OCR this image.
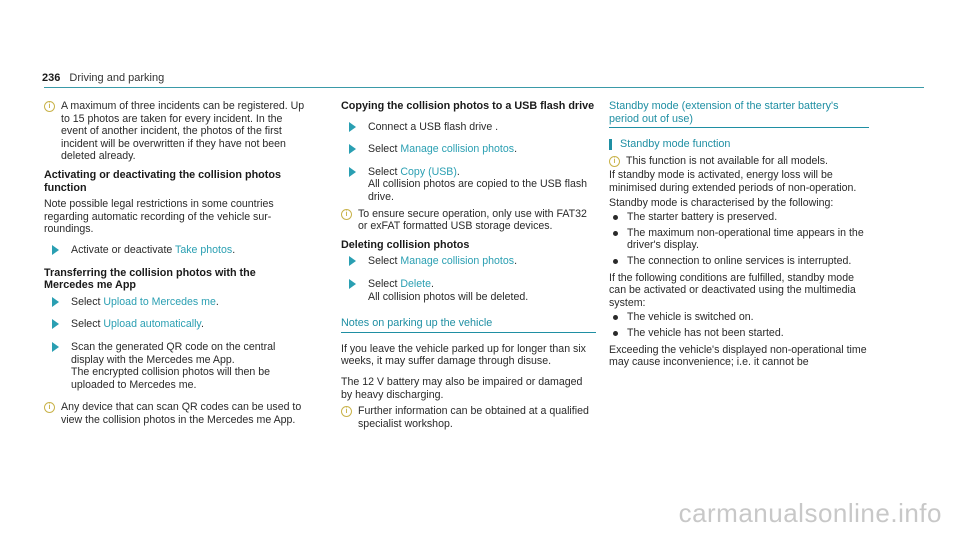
236 Driving and parking
i A maximum of three incidents can be registered. Up to 15 photos are taken for every incident. In the event of another incident, the photos of the first incident will be overwritten if they have not been deleted already.
Activating or deactivating the collision photos function
Note possible legal restrictions in some countries regarding automatic recording of the vehicle surroundings.
Activate or deactivate Take photos.
Transferring the collision photos with the Mercedes me App
Select Upload to Mercedes me.
Select Upload automatically.
Scan the generated QR code on the central display with the Mercedes me App.
The encrypted collision photos will then be uploaded to Mercedes me.
i Any device that can scan QR codes can be used to view the collision photos in the Mercedes me App.
Copying the collision photos to a USB flash drive
Connect a USB flash drive .
Select Manage collision photos.
Select Copy (USB).
All collision photos are copied to the USB flash drive.
i To ensure secure operation, only use with FAT32 or exFAT formatted USB storage devices.
Deleting collision photos
Select Manage collision photos.
Select Delete.
All collision photos will be deleted.
Notes on parking up the vehicle
If you leave the vehicle parked up for longer than six weeks, it may suffer damage through disuse.
The 12 V battery may also be impaired or damaged by heavy discharging.
i Further information can be obtained at a qualified specialist workshop.
Standby mode (extension of the starter battery's period out of use)
Standby mode function
i This function is not available for all models.
If standby mode is activated, energy loss will be minimised during extended periods of non-operation.
Standby mode is characterised by the following:
The starter battery is preserved.
The maximum non-operational time appears in the driver's display.
The connection to online services is interrupted.
If the following conditions are fulfilled, standby mode can be activated or deactivated using the multimedia system:
The vehicle is switched on.
The vehicle has not been started.
Exceeding the vehicle's displayed non-operational time may cause inconvenience; i.e. it cannot be
carmanualsonline.info
